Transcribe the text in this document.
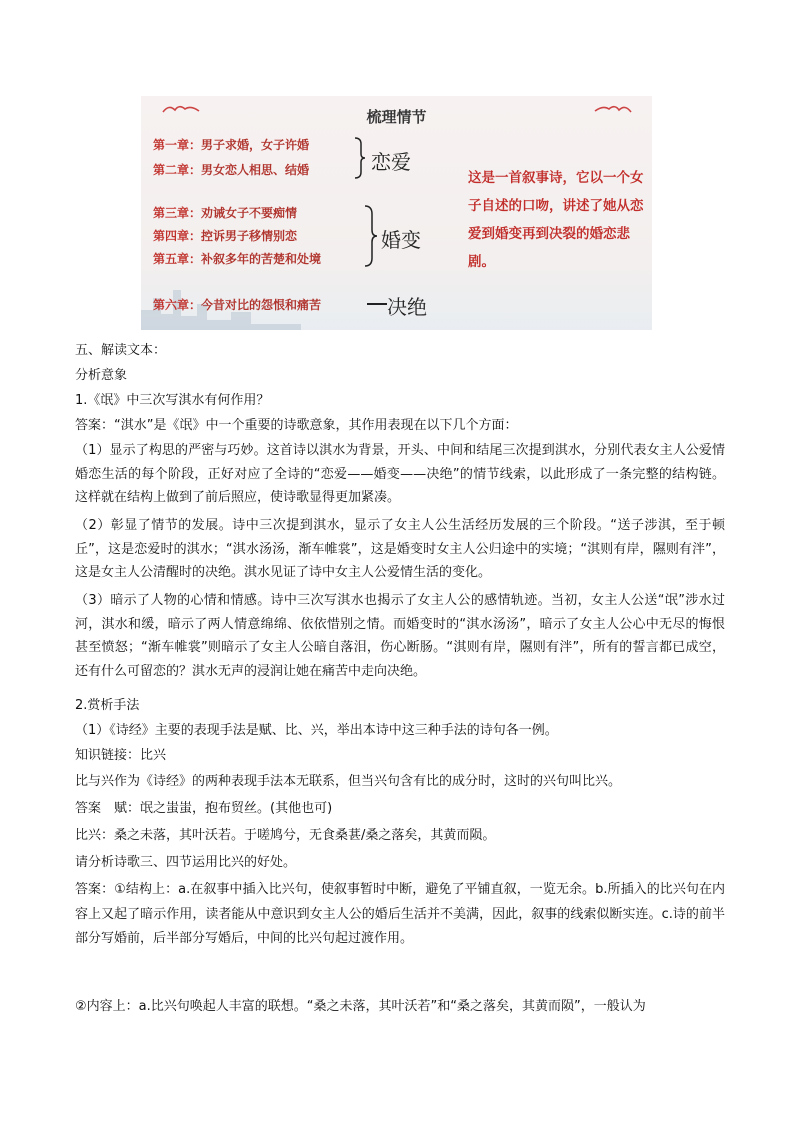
梳理情节
第一章：男子求婚，女子许婚
第二章：男女恋人相思、结婚	恋爱
第三章：劝诫女子不要痴情
第四章：控诉男子移情别恋
第五章：补叙多年的苦楚和处境
婚变
第六章：今昔对比的怨恨和痛苦	决绝
这是一首叙事诗，它以一个女子自述的口吻，讲述了她从恋爱到婚变再到决裂的婚恋悲剧。
五、解读文本：
分析意象
1.《氓》中三次写淇水有何作用？
答案：“淇水”是《氓》中一个重要的诗歌意象，其作用表现在以下几个方面：
（1）显示了构思的严密与巧妙。这首诗以淇水为背景，开头、中间和结尾三次提到淇水，分别代表女主人公爱情婚恋生活的每个阶段，正好对应了全诗的“恋爱——婚变——决绝”的情节线索，以此形成了一条完整的结构链。这样就在结构上做到了前后照应，使诗歌显得更加紧凑。
（2）彰显了情节的发展。诗中三次提到淇水，显示了女主人公生活经历发展的三个阶段。“送子涉淇，至于顿丘”，这是恋爱时的淇水；“淇水汤汤，渐车帷裳”，这是婚变时女主人公归途中的实境；“淇则有岸，隰则有泮”，这是女主人公清醒时的决绝。淇水见证了诗中女主人公爱情生活的变化。
（3）暗示了人物的心情和情感。诗中三次写淇水也揭示了女主人公的感情轨迹。当初，女主人公送“氓”涉水过河，淇水和缓，暗示了两人情意绵绵、依依惜别之情。而婚变时的“淇水汤汤”，暗示了女主人公心中无尽的悔恨甚至愤怒；“渐车帷裳”则暗示了女主人公暗自落泪，伤心断肠。“淇则有岸，隰则有泮”，所有的誓言都已成空，还有什么可留恋的？淇水无声的浸润让她在痛苦中走向决绝。
2.赏析手法
（1）《诗经》主要的表现手法是赋、比、兴，举出本诗中这三种手法的诗句各一例。
知识链接：比兴
比与兴作为《诗经》的两种表现手法本无联系，但当兴句含有比的成分时，这时的兴句叫比兴。
答案　赋：氓之蚩蚩，抱布贸丝。(其他也可)
比兴：桑之未落，其叶沃若。于嗟鸠兮，无食桑葚/桑之落矣，其黄而陨。
请分析诗歌三、四节运用比兴的好处。
答案：①结构上：a.在叙事中插入比兴句，使叙事暂时中断，避免了平铺直叙，一览无余。b.所插入的比兴句在内容上又起了暗示作用，读者能从中意识到女主人公的婚后生活并不美满，因此，叙事的线索似断实连。c.诗的前半部分写婚前，后半部分写婚后，中间的比兴句起过渡作用。
②内容上：a.比兴句唤起人丰富的联想。“桑之未落，其叶沃若”和“桑之落矣，其黄而陨”，一般认为
